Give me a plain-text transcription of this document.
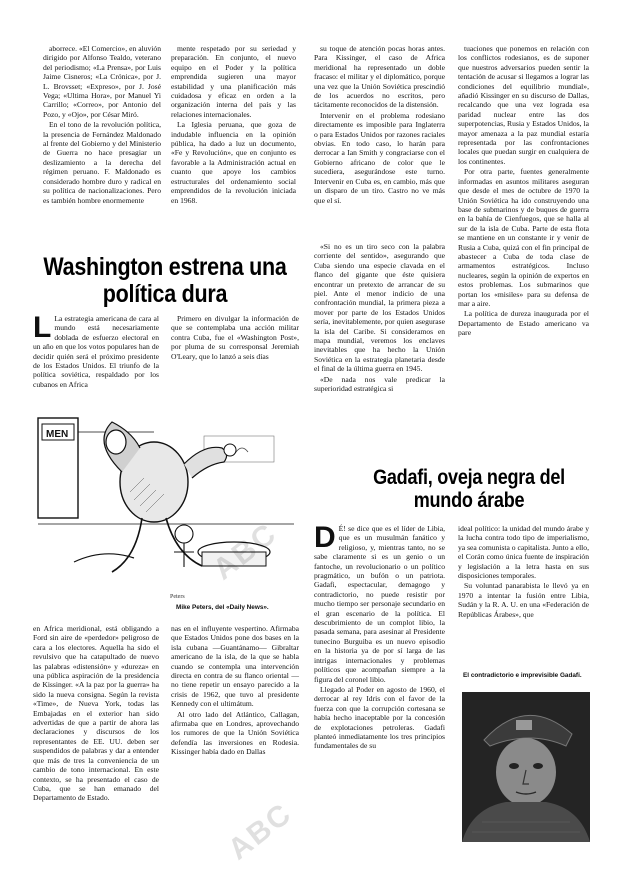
aborrece. «El Comercio», en aluvión dirigido por Alfonso Tealdo, veterano del periodismo; «La Prensa», por Luis Jaime Cisneros; «La Crónica», por J. L. Brovsset; «Expreso», por J. José Vega; «Ultima Hora», por Manuel Yi Carrillo; «Correo», por Antonio del Pozo, y «Ojo», por César Miró.

En el tono de la revolución política, la presencia de Fernández Maldonado al frente del Gobierno y del Ministerio de Guerra no hace presagiar un deslizamiento a la derecha del régimen peruano. F. Maldonado es considerado hombre duro y radical en su política de nacionalizaciones. Pero es también hombre enormemente

mente respetado por su seriedad y preparación. En conjunto, el nuevo equipo en el Poder y la política emprendida sugieren una mayor estabilidad y una planificación más cuidadosa y eficaz en orden a la organización interna del país y las relaciones internacionales.

La Iglesia peruana, que goza de indudable influencia en la opinión pública, ha dado a luz un documento, «Fe y Revolución», que en conjunto es favorable a la Administración actual en cuanto que apoye los cambios estructurales del ordenamiento social emprendidos de la revolución iniciada en 1968.

su toque de atención pocas horas antes. Para Kissinger, el caso de Africa meridional ha representado un doble fracaso: el militar y el diplomático, porque una vez que la Unión Soviética prescindió de los acuerdos no escritos, pero tácitamente reconocidos de la distensión.

Intervenir en el problema rodesiano directamente es imposible para Inglaterra o para Estados Unidos por razones raciales obvias. En todo caso, lo harán para derrocar a Ian Smith y congraciarse con el Gobierno africano de color que le sucediera, asegurándose este turno. Intervenir en Cuba es, en cambio, más que un disparo de un tiro. Castro no ve más que el sí.

tuaciones que ponemos en relación con los conflictos rodesianos, es de suponer que nuestros adversarios pueden sentir la tentación de acusar si llegamos a lograr las condiciones del equilibrio mundial», añadió Kissinger en su discurso de Dallas, recalcando que una vez lograda esa paridad nuclear entre las dos superpotencias, Rusia y Estados Unidos, la mayor amenaza a la paz mundial estaría representada por las confrontaciones locales que puedan surgir en cualquiera de los continentes.

Por otra parte, fuentes generalmente informadas en asuntos militares aseguran que desde el mes de octubre de 1970 la Unión Soviética ha ido construyendo una base de submarinos y de buques de guerra en la bahía de Cienfuegos, que se halla al sur de la isla de Cuba. Parte de esta flota se mantiene en un constante ir y venir de Rusia a Cuba, quizá con el fin principal de abastecer a Cuba de toda clase de armamentos estratégicos. Incluso nucleares, según la opinión de expertos en estos problemas. Los submarinos que portan los «misiles» para su defensa de mar a aire.

La política de dureza inaugurada por el Departamento de Estado americano va pare

Washington estrena una
política dura
L La estrategia americana de cara al mundo está necesariamente doblada de esfuerzo electoral en un año en que los votos populares han de decidir quién será el próximo presidente de los Estados Unidos. El triunfo de la política soviética, respaldado por los cubanos en Africa

Primero en divulgar la información de que se contemplaba una acción militar contra Cuba, fue el «Washington Post», por pluma de su corresponsal Jeremiah O'Leary, que lo lanzó a seis días

«Si no es un tiro seco con la palabra corriente del sentido», asegurando que Cuba siendo una especie clavada en el flanco del gigante que éste quisiera encontrar un pretexto de arrancar de su piel. Ante el menor indicio de una confrontación mundial, la primera pieza a mover por parte de los Estados Unidos sería, inevitablemente, por quien asegurase la isla del Caribe. Si consideramos en mapa mundial, veremos los enclaves inevitables que ha hecho la Unión Soviética en la estrategia planetaria desde el final de la última guerra en 1945.

«De nada nos vale predicar la superioridad estratégica si

MEN
Peters
Mike Peters, del «Daily News».

en Africa meridional, está obligando a Ford sin aire de «perdedor» peligroso de cara a los electores. Aquella ha sido el revulsivo que ha catapultado de nuevo las palabras «distensión» y «dureza» en una pública aspiración de la presidencia de Kissinger. «A la paz por la guerra» ha sido la nueva consigna. Según la revista «Time», de Nueva York, todas las Embajadas en el exterior han sido advertidas de que a partir de ahora las declaraciones y discursos de los representantes de EE. UU. deben ser suspendidos de palabras y dar a entender que más de tres la conveniencia de un cambio de tono internacional. En este contexto, se ha presentado el caso de Cuba, que se han emanado del Departamento de Estado.

nas en el influyente vespertino. Afirmaba que Estados Unidos pone dos bases en la isla cubana —Guantánamo— Gibraltar americano de la isla, de la que se habla cuando se contempla una intervención directa en contra de su flanco oriental — no tiene repetir un ensayo parecido a la crisis de 1962, que tuvo al presidente Kennedy con el ultimátum.

Al otro lado del Atlántico, Callagan, afirmaba que en Londres, aprovechando los rumores de que la Unión Soviética defendía las inversiones en Rodesia. Kissinger había dado en Dallas

Gadafi, oveja negra del
mundo árabe
D É! se dice que es el líder de Libia, que es un musulmán fanático y religioso, y, mientras tanto, no se sabe claramente si es un genio o un fantoche, un revolucionario o un político pragmático, un bufón o un patriota. Gadafi, espectacular, demagogo y contradictorio, no puede resistir por mucho tiempo ser personaje secundario en el gran escenario de la política. El descubrimiento de un complot libio, la pasada semana, para asesinar al Presidente tunecino Burguiba es un nuevo episodio en la historia ya de por sí larga de las intrigas internacionales y problemas políticos que acompañan siempre a la figura del coronel libio.

Llegado al Poder en agosto de 1960, el derrocar al rey Idris con el favor de la fuerza con que la corrupción cortesana se había hecho inaceptable por la concesión de explotaciones petroleras. Gadafi planteó inmediatamente los tres principios fundamentales de su

ideal político: la unidad del mundo árabe y la lucha contra todo tipo de imperialismo, ya sea comunista o capitalista. Junto a ello, el Corán como única fuente de inspiración y legislación a la letra hasta en sus disposiciones temporales.

Su voluntad panarabista le llevó ya en 1970 a intentar la fusión entre Libia, Sudán y la R. A. U. en una «Federación de Repúblicas Árabes», que

El contradictorio e imprevisible Gadafi.
ABC
ABC
